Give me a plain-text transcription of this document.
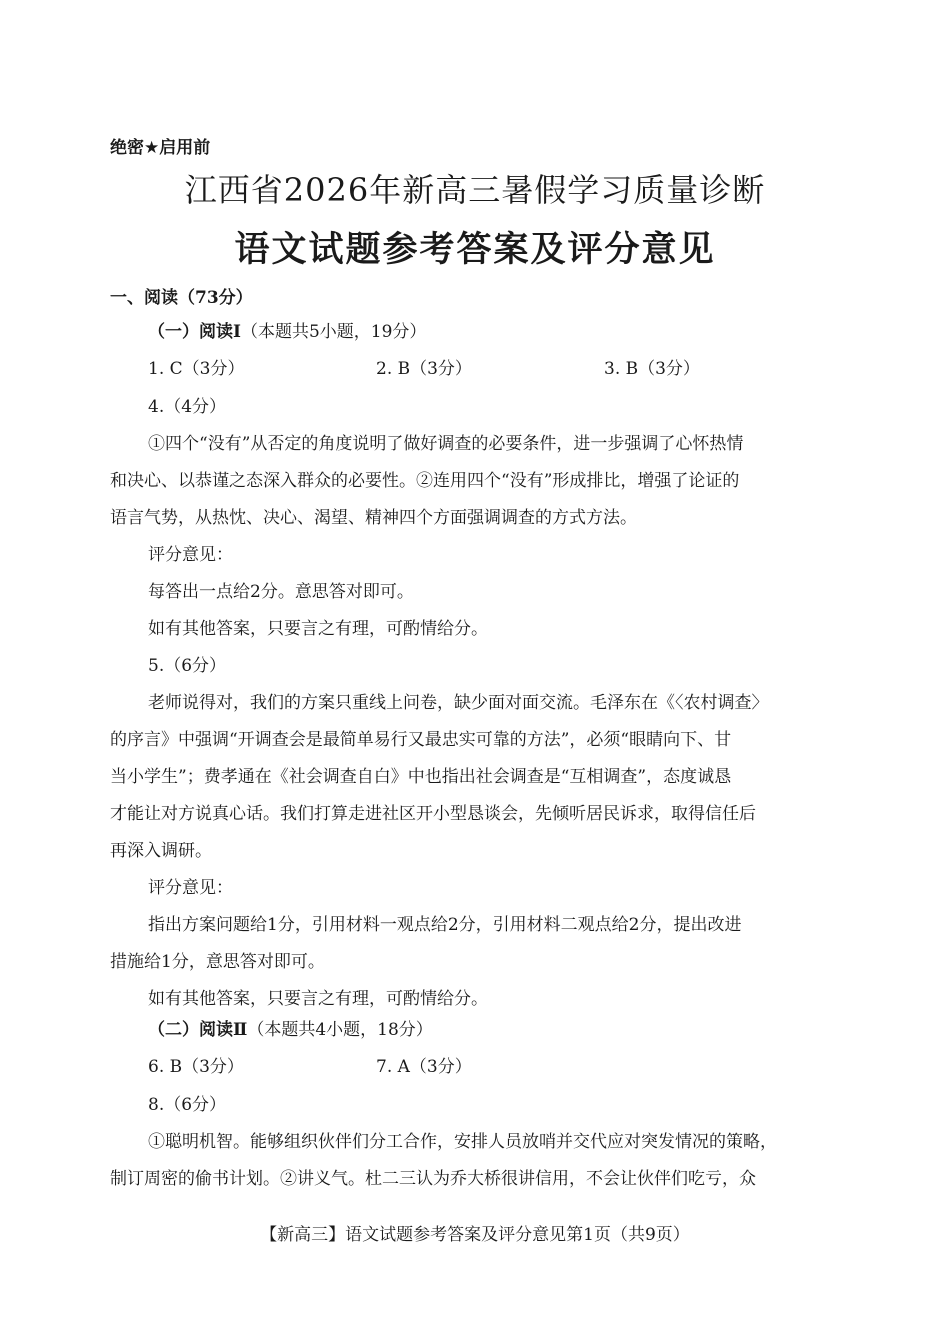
绝密★启用前
江西省2026年新高三暑假学习质量诊断
语文试题参考答案及评分意见
一、阅读（73分）
（一）阅读Ⅰ（本题共5小题，19分）
1. C（3分）	2. B（3分）	3. B（3分）
4.（4分）
①四个“没有”从否定的角度说明了做好调查的必要条件，进一步强调了心怀热情
和决心、以恭谨之态深入群众的必要性。②连用四个“没有”形成排比，增强了论证的
语言气势，从热忱、决心、渴望、精神四个方面强调调查的方式方法。
评分意见：
每答出一点给2分。意思答对即可。
如有其他答案，只要言之有理，可酌情给分。
5.（6分）
老师说得对，我们的方案只重线上问卷，缺少面对面交流。毛泽东在《〈农村调查〉
的序言》中强调“开调查会是最简单易行又最忠实可靠的方法”，必须“眼睛向下、甘
当小学生”；费孝通在《社会调查自白》中也指出社会调查是“互相调查”，态度诚恳
才能让对方说真心话。我们打算走进社区开小型恳谈会，先倾听居民诉求，取得信任后
再深入调研。
评分意见：
指出方案问题给1分，引用材料一观点给2分，引用材料二观点给2分，提出改进
措施给1分，意思答对即可。
如有其他答案，只要言之有理，可酌情给分。
（二）阅读Ⅱ（本题共4小题，18分）
6. B（3分）	7. A（3分）
8.（6分）
①聪明机智。能够组织伙伴们分工合作，安排人员放哨并交代应对突发情况的策略，
制订周密的偷书计划。②讲义气。杜二三认为乔大桥很讲信用，不会让伙伴们吃亏，众
【新高三】语文试题参考答案及评分意见第1页（共9页）
